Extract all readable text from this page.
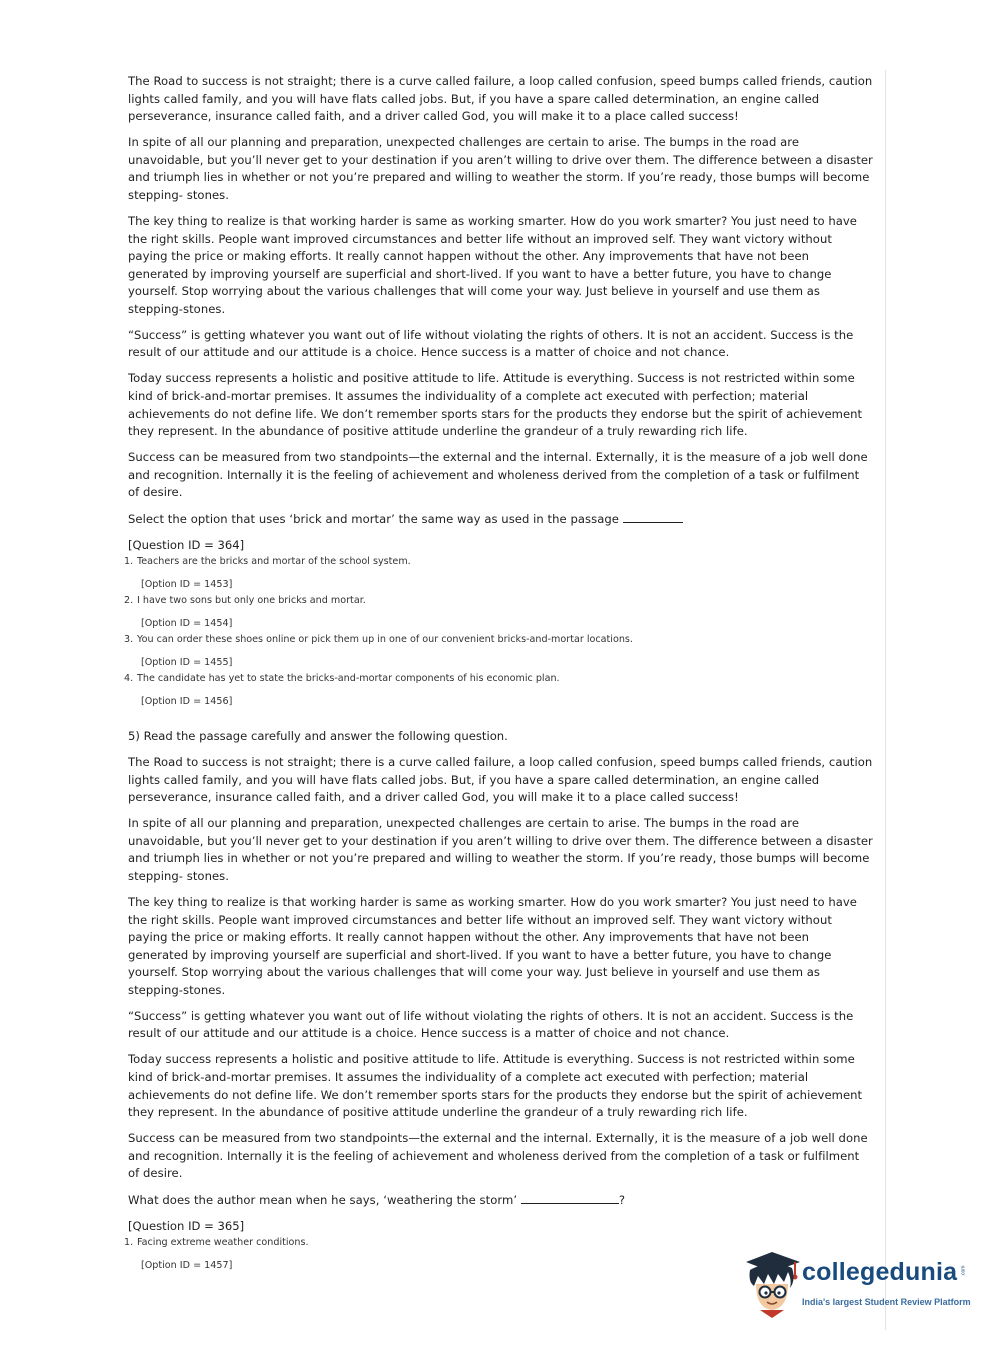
The Road to success is not straight; there is a curve called failure, a loop called confusion, speed bumps called friends, caution lights called family, and you will have flats called jobs. But, if you have a spare called determination, an engine called perseverance, insurance called faith, and a driver called God, you will make it to a place called success!

In spite of all our planning and preparation, unexpected challenges are certain to arise. The bumps in the road are unavoidable, but you’ll never get to your destination if you aren’t willing to drive over them. The difference between a disaster and triumph lies in whether or not you’re prepared and willing to weather the storm. If you’re ready, those bumps will become stepping- stones.

The key thing to realize is that working harder is same as working smarter. How do you work smarter? You just need to have the right skills. People want improved circumstances and better life without an improved self. They want victory without paying the price or making efforts. It really cannot happen without the other. Any improvements that have not been generated by improving yourself are superficial and short-lived. If you want to have a better future, you have to change yourself. Stop worrying about the various challenges that will come your way. Just believe in yourself and use them as stepping-stones.

“Success” is getting whatever you want out of life without violating the rights of others. It is not an accident. Success is the result of our attitude and our attitude is a choice. Hence success is a matter of choice and not chance.

Today success represents a holistic and positive attitude to life. Attitude is everything. Success is not restricted within some kind of brick-and-mortar premises. It assumes the individuality of a complete act executed with perfection; material achievements do not define life. We don’t remember sports stars for the products they endorse but the spirit of achievement they represent. In the abundance of positive attitude underline the grandeur of a truly rewarding rich life.

Success can be measured from two standpoints—the external and the internal. Externally, it is the measure of a job well done and recognition. Internally it is the feeling of achievement and wholeness derived from the completion of a task or fulfilment of desire.

Select the option that uses ‘brick and mortar’ the same way as used in the passage

[Question ID = 364]

1. Teachers are the bricks and mortar of the school system.
[Option ID = 1453]
2. I have two sons but only one bricks and mortar.
[Option ID = 1454]
3. You can order these shoes online or pick them up in one of our convenient bricks-and-mortar locations.
[Option ID = 1455]
4. The candidate has yet to state the bricks-and-mortar components of his economic plan.
[Option ID = 1456]

5) Read the passage carefully and answer the following question.

The Road to success is not straight; there is a curve called failure, a loop called confusion, speed bumps called friends, caution lights called family, and you will have flats called jobs. But, if you have a spare called determination, an engine called perseverance, insurance called faith, and a driver called God, you will make it to a place called success!

In spite of all our planning and preparation, unexpected challenges are certain to arise. The bumps in the road are unavoidable, but you’ll never get to your destination if you aren’t willing to drive over them. The difference between a disaster and triumph lies in whether or not you’re prepared and willing to weather the storm. If you’re ready, those bumps will become stepping- stones.

The key thing to realize is that working harder is same as working smarter. How do you work smarter? You just need to have the right skills. People want improved circumstances and better life without an improved self. They want victory without paying the price or making efforts. It really cannot happen without the other. Any improvements that have not been generated by improving yourself are superficial and short-lived. If you want to have a better future, you have to change yourself. Stop worrying about the various challenges that will come your way. Just believe in yourself and use them as stepping-stones.

“Success” is getting whatever you want out of life without violating the rights of others. It is not an accident. Success is the result of our attitude and our attitude is a choice. Hence success is a matter of choice and not chance.

Today success represents a holistic and positive attitude to life. Attitude is everything. Success is not restricted within some kind of brick-and-mortar premises. It assumes the individuality of a complete act executed with perfection; material achievements do not define life. We don’t remember sports stars for the products they endorse but the spirit of achievement they represent. In the abundance of positive attitude underline the grandeur of a truly rewarding rich life.

Success can be measured from two standpoints—the external and the internal. Externally, it is the measure of a job well done and recognition. Internally it is the feeling of achievement and wholeness derived from the completion of a task or fulfilment of desire.

What does the author mean when he says, ‘weathering the storm’	?

[Question ID = 365]

1. Facing extreme weather conditions.
[Option ID = 1457]	collegedunia .com
India's largest Student Review Platform
